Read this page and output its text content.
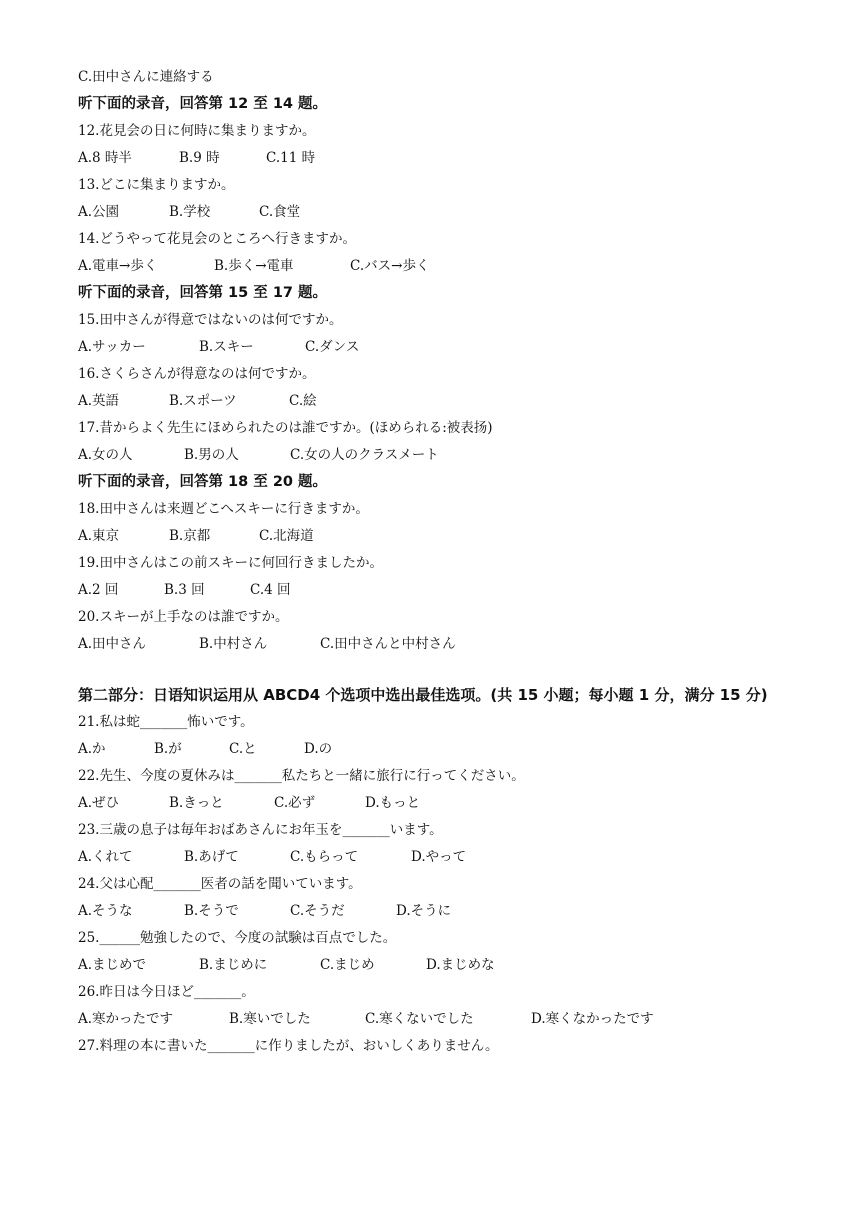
C.田中さんに連絡する
听下面的录音，回答第 12 至 14 题。
12.花見会の日に何時に集まりますか。
A.8 時半	B.9 時	C.11 時
13.どこに集まりますか。
A.公園	B.学校	C.食堂
14.どうやって花見会のところへ行きますか。
A.電車→歩く	B.歩く→電車	C.バス→歩く
听下面的录音，回答第 15 至 17 题。
15.田中さんが得意ではないのは何ですか。
A.サッカー	B.スキー	C.ダンス
16.さくらさんが得意なのは何ですか。
A.英語	B.スポーツ	C.絵
17.昔からよく先生にほめられたのは誰ですか。(ほめられる:被表扬)
A.女の人	B.男の人	C.女の人のクラスメート
听下面的录音，回答第 18 至 20 题。
18.田中さんは来週どこへスキーに行きますか。
A.東京	B.京都	C.北海道
19.田中さんはこの前スキーに何回行きましたか。
A.2 回	B.3 回	C.4 回
20.スキーが上手なのは誰ですか。
A.田中さん	B.中村さん	C.田中さんと中村さん
第二部分：日语知识运用从 ABCD4 个选项中选出最佳选项。(共 15 小题；每小题 1 分，满分 15 分)
21.私は蛇_______怖いです。
A.か	B.が	C.と	D.の
22.先生、今度の夏休みは_______私たちと一緒に旅行に行ってください。
A.ぜひ	B.きっと	C.必ず	D.もっと
23.三歳の息子は毎年おばあさんにお年玉を_______います。
A.くれて	B.あげて	C.もらって	D.やって
24.父は心配_______医者の話を聞いています。
A.そうな	B.そうで	C.そうだ	D.そうに
25.______勉強したので、今度の試験は百点でした。
A.まじめで	B.まじめに	C.まじめ	D.まじめな
26.昨日は今日ほど_______。
A.寒かったです	B.寒いでした	C.寒くないでした	D.寒くなかったです
27.料理の本に書いた_______に作りましたが、おいしくありません。
